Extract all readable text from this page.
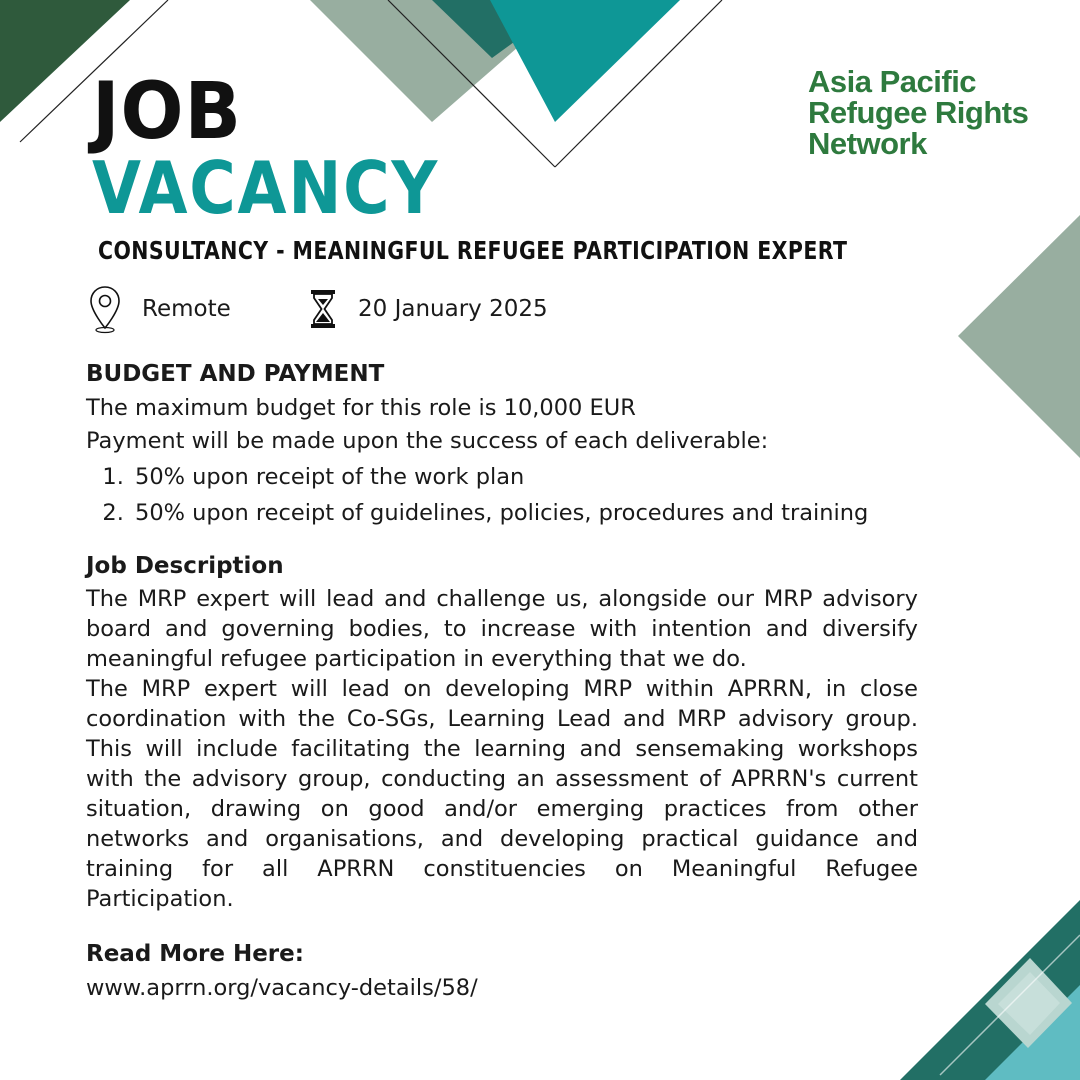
Asia Pacific
Refugee Rights
Network
JOB
VACANCY
CONSULTANCY - MEANINGFUL REFUGEE PARTICIPATION EXPERT
Remote	20 January 2025
BUDGET AND PAYMENT
The maximum budget for this role is 10,000 EUR
Payment will be made upon the success of each deliverable:
1. 50% upon receipt of the work plan
2. 50% upon receipt of guidelines, policies, procedures and training
Job Description
The MRP expert will lead and challenge us, alongside our MRP advisory board and governing bodies, to increase with intention and diversify meaningful refugee participation in everything that we do.
The MRP expert will lead on developing MRP within APRRN, in close coordination with the Co-SGs, Learning Lead and MRP advisory group. This will include facilitating the learning and sensemaking workshops with the advisory group, conducting an assessment of APRRN's current situation, drawing on good and/or emerging practices from other networks and organisations, and developing practical guidance and training for all APRRN constituencies on Meaningful Refugee Participation.
Read More Here:
www.aprrn.org/vacancy-details/58/
